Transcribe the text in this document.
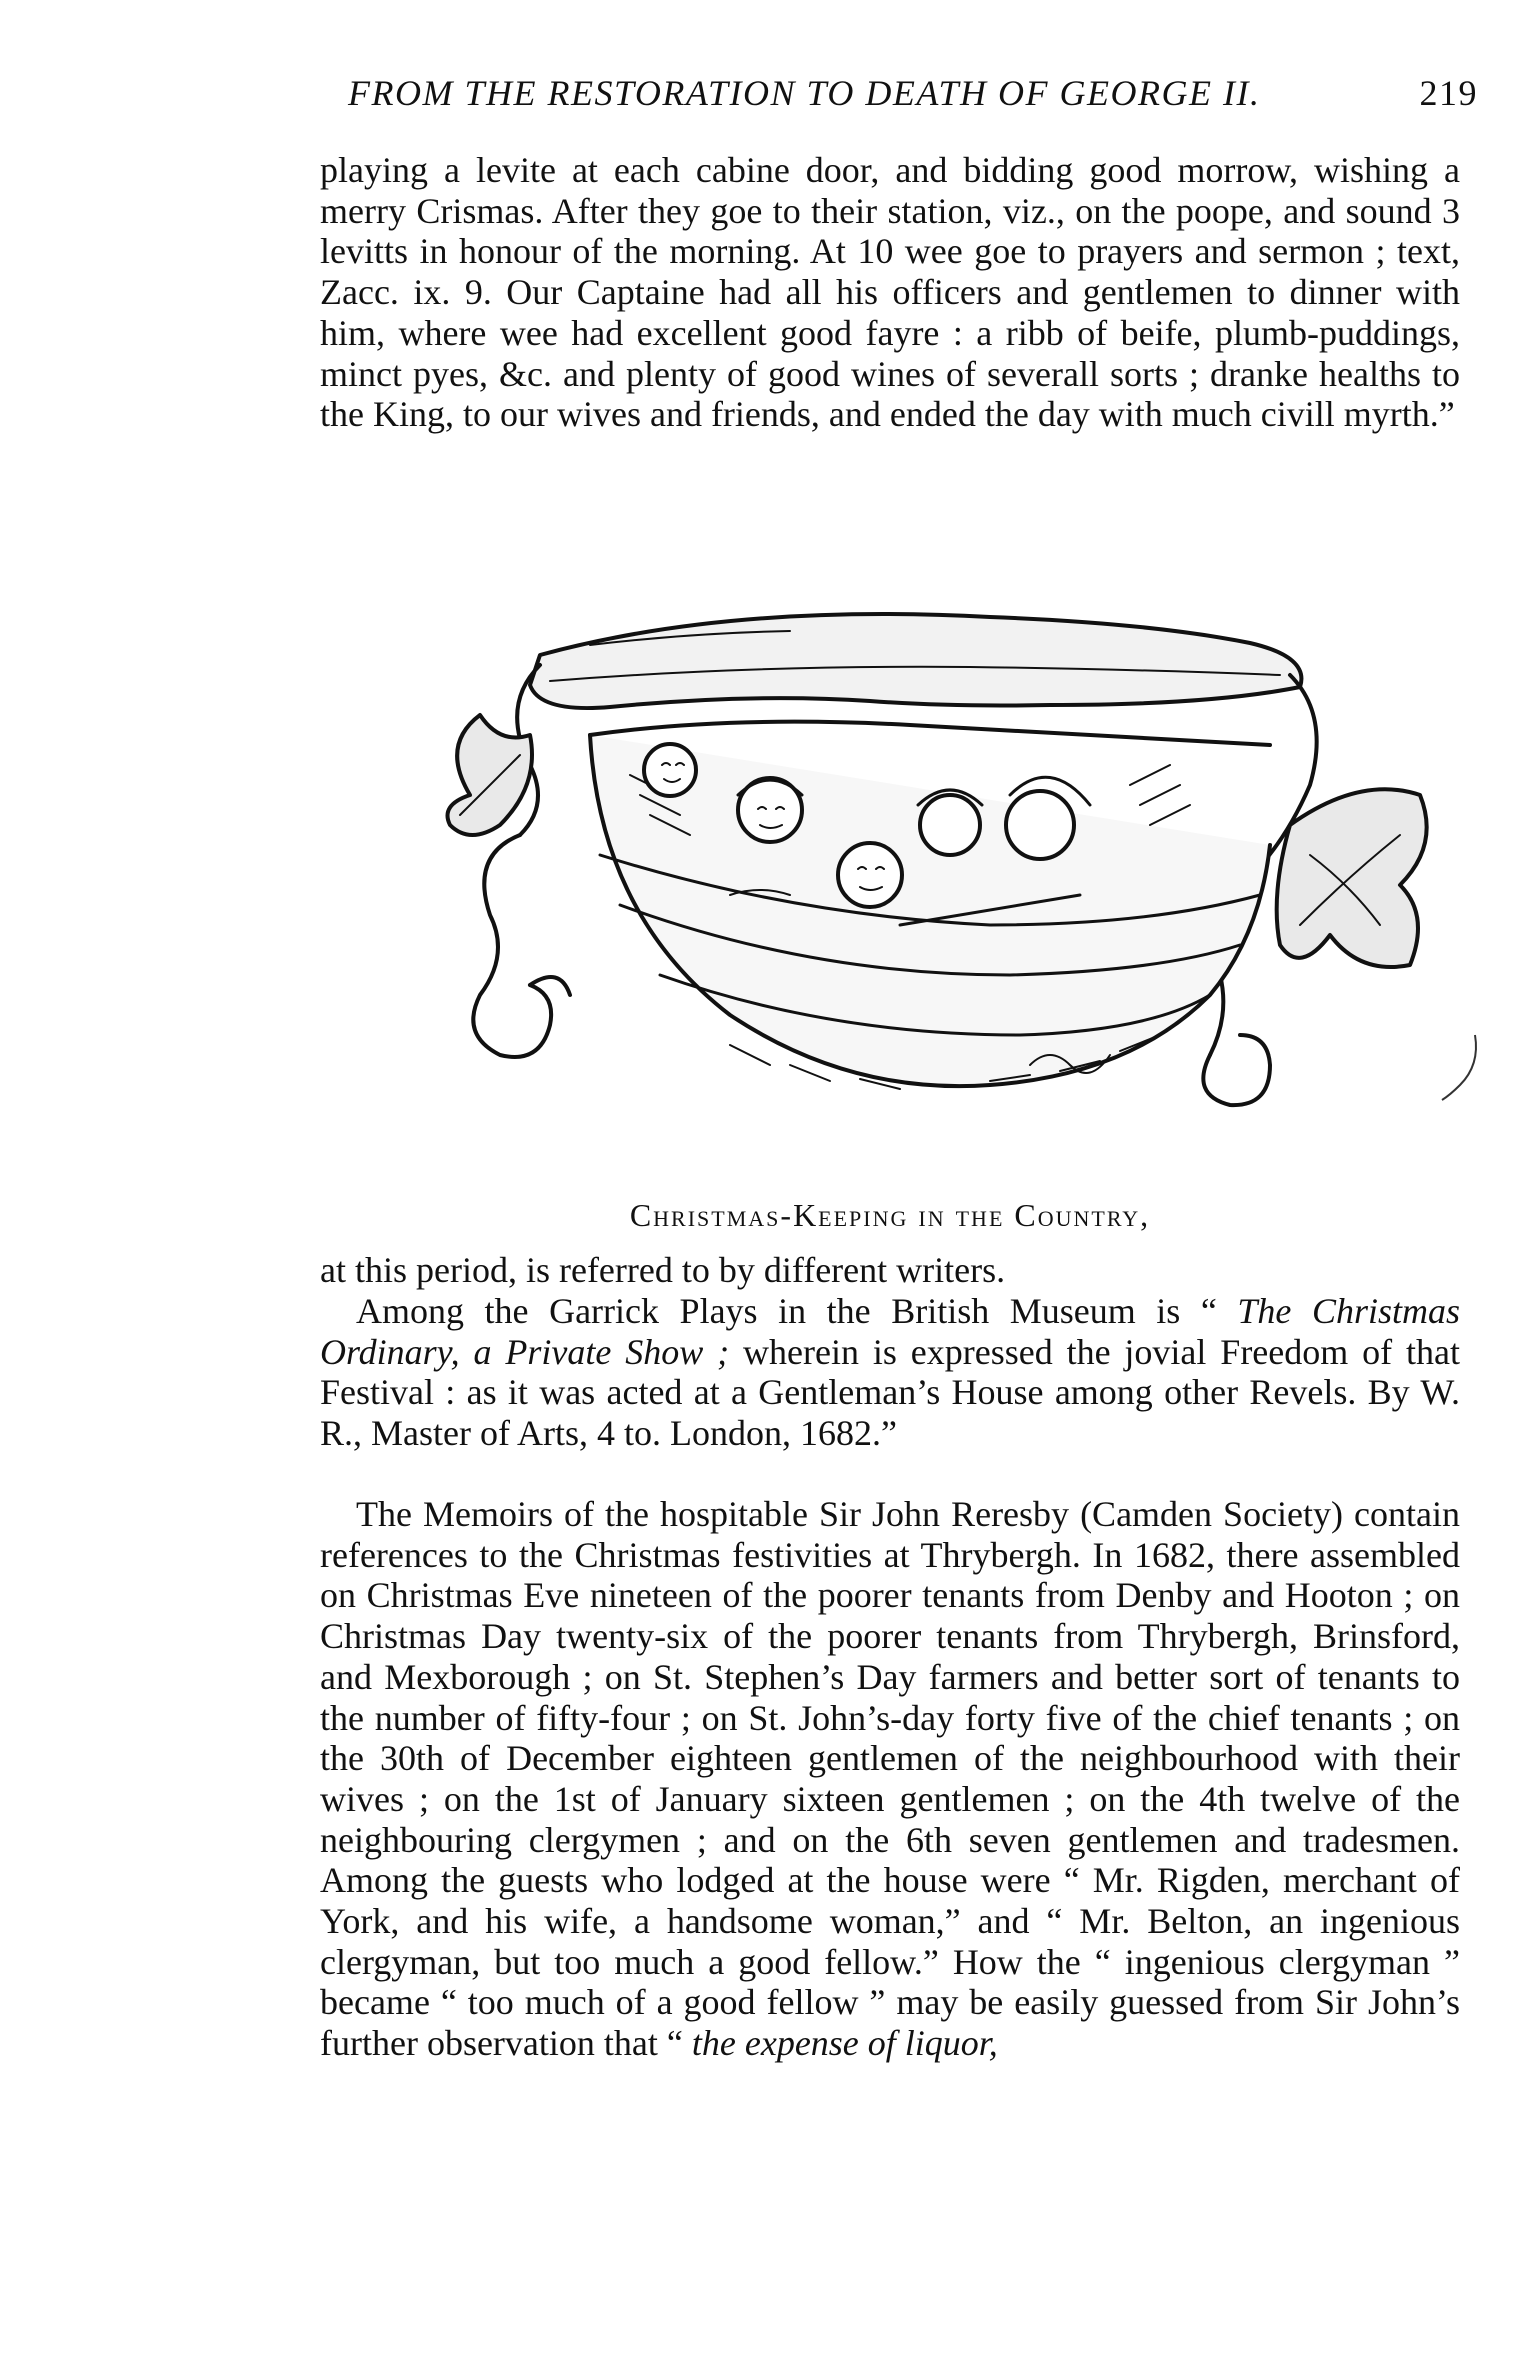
FROM THE RESTORATION TO DEATH OF GEORGE II.	219

playing a levite at each cabine door, and bidding good morrow, wishing a merry Crismas. After they goe to their station, viz., on the poope, and sound 3 levitts in honour of the morning. At 10 wee goe to prayers and sermon ; text, Zacc. ix. 9. Our Captaine had all his officers and gentlemen to dinner with him, where wee had excellent good fayre : a ribb of beife, plumb-puddings, minct pyes, &c. and plenty of good wines of severall sorts ; dranke healths to the King, to our wives and friends, and ended the day with much civill myrth.”

Christmas-Keeping in the Country,

at this period, is referred to by different writers.

Among the Garrick Plays in the British Museum is “ The Christmas Ordinary, a Private Show ; wherein is expressed the jovial Freedom of that Festival : as it was acted at a Gentleman’s House among other Revels. By W. R., Master of Arts, 4 to. London, 1682.”

The Memoirs of the hospitable Sir John Reresby (Camden Society) contain references to the Christmas festivities at Thrybergh. In 1682, there assembled on Christmas Eve nineteen of the poorer tenants from Denby and Hooton ; on Christmas Day twenty-six of the poorer tenants from Thrybergh, Brinsford, and Mexborough ; on St. Stephen’s Day farmers and better sort of tenants to the number of fifty-four ; on St. John’s-day forty five of the chief tenants ; on the 30th of December eighteen gentlemen of the neighbourhood with their wives ; on the 1st of January sixteen gentlemen ; on the 4th twelve of the neighbouring clergymen ; and on the 6th seven gentlemen and tradesmen. Among the guests who lodged at the house were “ Mr. Rigden, merchant of York, and his wife, a handsome woman,” and “ Mr. Belton, an ingenious clergyman, but too much a good fellow.” How the “ ingenious clergyman ” became “ too much of a good fellow ” may be easily guessed from Sir John’s further observation that “ the expense of liquor,
